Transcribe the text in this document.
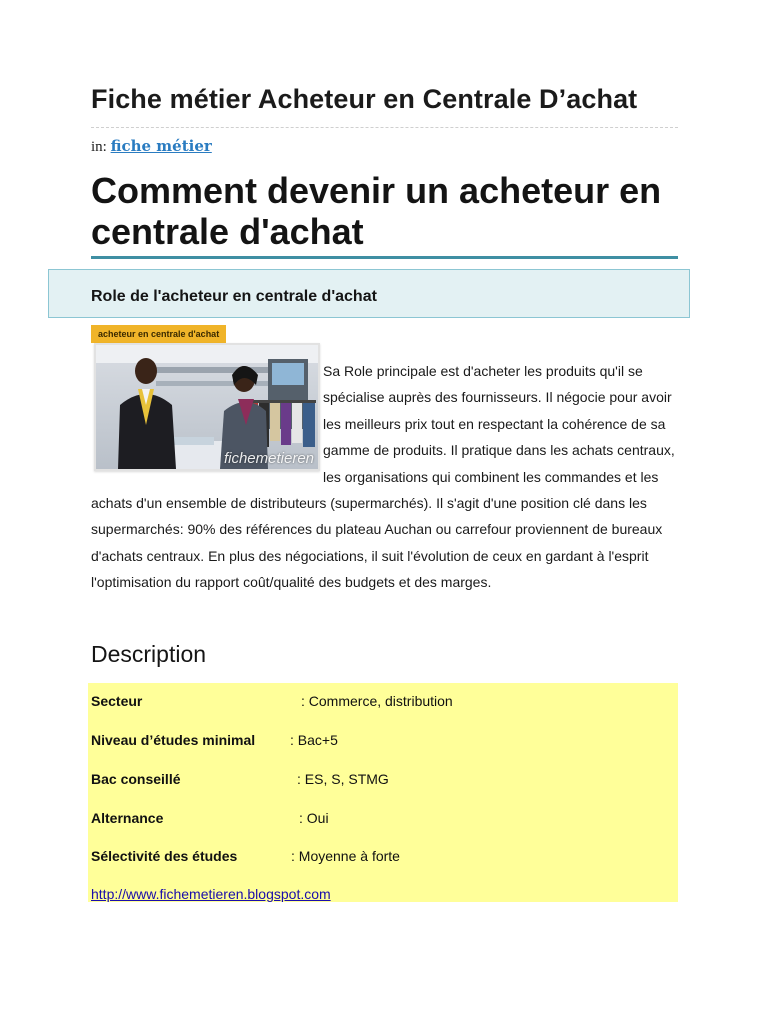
Fiche métier Acheteur en Centrale D’achat
in: fiche métier
Comment devenir un acheteur en centrale d'achat
Role de l'acheteur en centrale d'achat
acheteur en centrale d'achat
fichemetieren

Sa Role principale est d'acheter les produits qu'il se spécialise auprès des fournisseurs. Il négocie pour avoir les meilleurs prix tout en respectant la cohérence de sa gamme de produits. Il pratique dans les achats centraux, les organisations qui combinent les commandes et les achats d'un ensemble de distributeurs (supermarchés). Il s'agit d'une position clé dans les supermarchés: 90% des références du plateau Auchan ou carrefour proviennent de bureaux d'achats centraux. En plus des négociations, il suit l'évolution de ceux en gardant à l'esprit l'optimisation du rapport coût/qualité des budgets et des marges.

Description
Secteur	: Commerce, distribution
Niveau d’études minimal : Bac+5
Bac conseillé	: ES, S, STMG
Alternance	: Oui
Sélectivité des études	: Moyenne à forte
http://www.fichemetieren.blogspot.com
